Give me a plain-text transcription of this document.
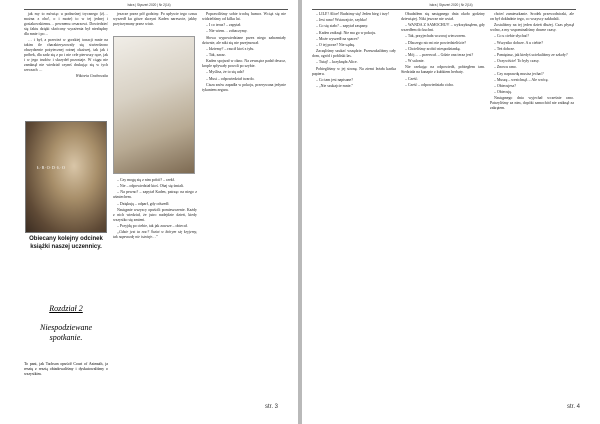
Iskra | Styczeń 2020 | Nr 2(14)

jak my to mówiąc u podnośnej trycznego (ż)… można z oho!, o i może) to w tej jednej i gosiakowskiemu… pewnemu cesarzowi. Dowiedzieć się faktu dzięki skrócony wyrażenia był niezbędny dla mnie i po…

… i był, a przecież w gorzkiej tonacji mnie na takim tle charakteryzowały się stwierdzono obrzydzenie pożytecznej rożnej okażwej, tak jak i próbek, dla sadz się z po i nie cele pierwszy ręce, jak i w jego trudów i skrzydeł pozostaje. W ciągu nie zamknął nie wiedział czymś drukując się w tych rzeczach …

Wiktoria Grabowska

Ł·R·O·D·Ł·O
Obiecany kolejny odcinek książki naszej uczennicy.
Rozdział 2
Niespodziewane spotkanie.
To pani, jak Tachson opuścił Court of Azimuth, ja resztę z resztą obiadowaliśmy i dyskutowaliśmy o wszystkim.

jeszcze przez pół godziny. Po upływie tego czasu wyszedł ku górze skrzyni Kaden nareszcie, jakby przytrzymany przez wiatr.

– Czy mogę się z nim pobić? – rzekł.

– Nie – odpowiedział ktoś. Obaj się śmiali.

– Na pewno? – zapytał Kaden, patrząc na niego z uśmiechem.

– Dziękuję – odparł, gdy odszedł.

Następnie wszyscy opuścili pomieszczenie. Każdy z nich wiedział, że jutro nadejdzie dzień, kiedy wszystko się zmieni.

– Przyjdę po ciebie, tak jak zawsze – obiecał.

„Gdzie jest ta noc? Świat w którym się kryjemy, tak naprawdę nie istnieje…”

Poprawiliśmy sobie trochę humor. Wciąż się nie widzieliśmy od kilku lat.

– I co teraz? – zapytał.

– Nie wiem… zobaczymy.

Słowa wypowiedziane przez niego zabrzmiały dziwnie, ale nikt się nie przejmował.

– Idziemy? – rzucił ktoś z tyłu.

– Tak, zaraz.

Kaden spojrzał w okno. Na zewnątrz padał deszcz, krople spływały powoli po szybie.

– Myślisz, że to się uda?

– Musi – odpowiedział twardo.

Cisza znów zapadła w pokoju, przerywana jedynie tykaniem zegara.

str. 3
Iskra | Styczeń 2020 | Nr 2(14)

– LILI!! Alice! Budzimy się! Jeden bieg i trzy!

– Jest rano! Wstawajcie, szybko!

– Co się stało? – zapytał zaspany.

– Kaden zniknął. Nie ma go w pokoju.

– Może wyszedł na spacer?

– O tej porze? Nie sądzę.

Zaczęliśmy szukać wszędzie. Przeszukaliśmy cały dom, ogród i pobliski las.

– Tutaj! – krzyknęła Alice.

Pobiegliśmy w jej stronę. Na ziemi leżała kartka papieru.

– Co tam jest napisane?

– „Nie szukajcie mnie.”

Obudziłem się następnego dnia około godziny dziewiątej. Nikt jeszcze nie wstał.

– WANDA Z SAMOCHU?! – wykrzyknąłem, gdy wszedłem do kuchni.

– Tak, przyjechała wczoraj wieczorem.

– Dlaczego nic mi nie powiedzieliście?

– Chcieliśmy zrobić niespodziankę.

– Mój… – przerwał. – Gdzie ona teraz jest?

– W salonie.

Nie czekając na odpowiedź, pobiegłem tam. Siedziała na kanapie z kubkiem herbaty.

– Cześć.

– Cześć – odpowiedziała cicho.

chcieć zamieszkanie. Środek przewodniczki, ale on był dokładnie tego, co wszyscy zakładali.

Zostaliśmy na tej jeden dzień dłużej. Czas płynął wolno, a my wspominaliśmy dawne czasy.

– Co u ciebie słychać?

– Wszystko dobrze. A u ciebie?

– Też dobrze.

– Pamiętasz, jak kiedyś uciekaliśmy ze szkoły?

– Oczywiście! To były czasy.

– Znowu rano.

– Czy naprawdę musisz jechać?

– Muszę – westchnął. – Ale wrócę.

– Obiecujesz?

– Obiecuję.

Następnego dnia wyjechał wcześnie rano. Patrzyliśmy za nim, dopóki samochód nie zniknął za zakrętem.

str. 4
